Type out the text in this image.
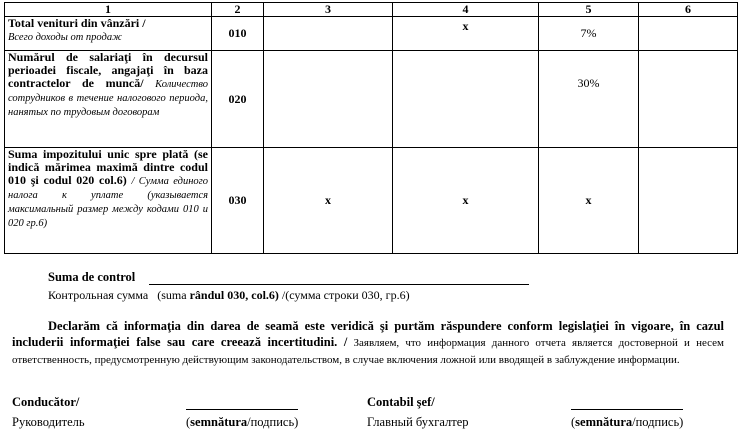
1	2	3	4	5	6
Total venituri din vânzări /
Всего доходы от продаж	010		x	7%	
Numărul de salariaţi în decursul perioadei fiscale, angajaţi în baza contractelor de muncă/ Количество сотрудников в течение налогового периода, нанятых по трудовым договорам	020			30%	
Suma impozitului unic spre plată (se indică mărimea maximă dintre codul 010 şi codul 020 col.6) / Сумма единого налога к уплате (указывается максимальный размер между кодами 010 и 020 гр.6)	030	x	x	x	
Suma de control
Контрольная сумма (suma rândul 030, col.6) /(сумма строки 030, гр.6)
Declarăm că informaţia din darea de seamă este veridică şi purtăm răspundere conform legislaţiei în vigoare, în cazul includerii informaţiei false sau care creează incertitudini. / Заявляем, что информация данного отчета является достоверной и несем ответственность, предусмотренную действующим законодательством, в случае включения ложной или вводящей в заблуждение информации.
Conducător/
Руководитель	(semnătura/подпись)
Contabil şef/
Главный бухгалтер	(semnătura/подпись)
